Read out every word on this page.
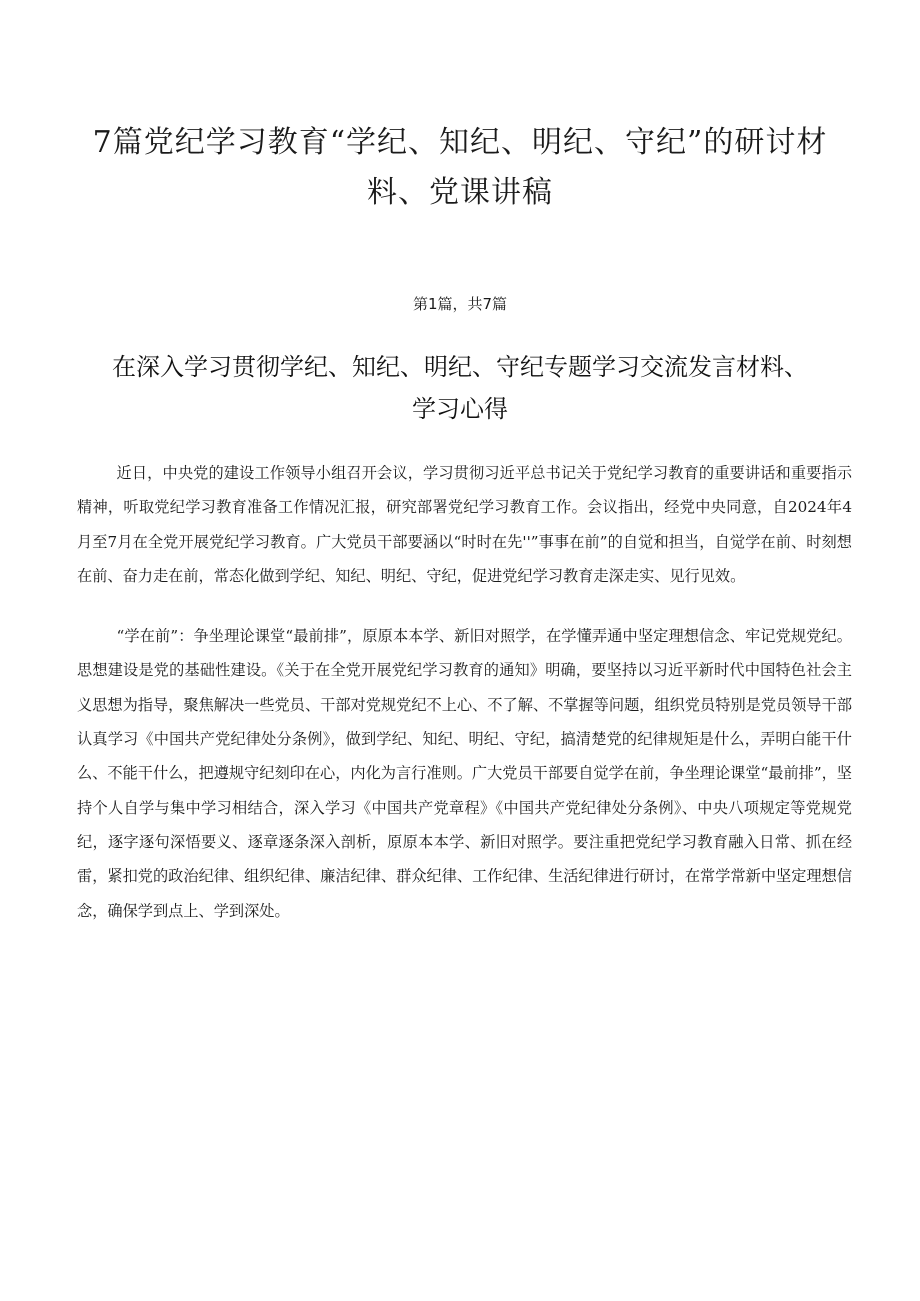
7篇党纪学习教育“学纪、知纪、明纪、守纪”的研讨材料、党课讲稿
第1篇，共7篇
在深入学习贯彻学纪、知纪、明纪、守纪专题学习交流发言材料、学习心得

近日，中央党的建设工作领导小组召开会议，学习贯彻习近平总书记关于党纪学习教育的重要讲话和重要指示精神，听取党纪学习教育准备工作情况汇报，研究部署党纪学习教育工作。会议指出，经党中央同意，自2024年4月至7月在全党开展党纪学习教育。广大党员干部要涵以“时时在先''”事事在前”的自觉和担当，自觉学在前、时刻想在前、奋力走在前，常态化做到学纪、知纪、明纪、守纪，促进党纪学习教育走深走实、见行见效。

“学在前”：争坐理论课堂“最前排”，原原本本学、新旧对照学，在学懂弄通中坚定理想信念、牢记党规党纪。思想建设是党的基础性建设。《关于在全党开展党纪学习教育的通知》明确，要坚持以习近平新时代中国特色社会主义思想为指导，聚焦解决一些党员、干部对党规党纪不上心、不了解、不掌握等问题，组织党员特别是党员领导干部认真学习《中国共产党纪律处分条例》，做到学纪、知纪、明纪、守纪，搞清楚党的纪律规矩是什么，弄明白能干什么、不能干什么，把遵规守纪刻印在心，内化为言行准则。广大党员干部要自觉学在前，争坐理论课堂“最前排”，坚持个人自学与集中学习相结合，深入学习《中国共产党章程》《中国共产党纪律处分条例》、中央八项规定等党规党纪，逐字逐句深悟要义、逐章逐条深入剖析，原原本本学、新旧对照学。要注重把党纪学习教育融入日常、抓在经雷，紧扣党的政治纪律、组织纪律、廉洁纪律、群众纪律、工作纪律、生活纪律进行研讨，在常学常新中坚定理想信念，确保学到点上、学到深处。
